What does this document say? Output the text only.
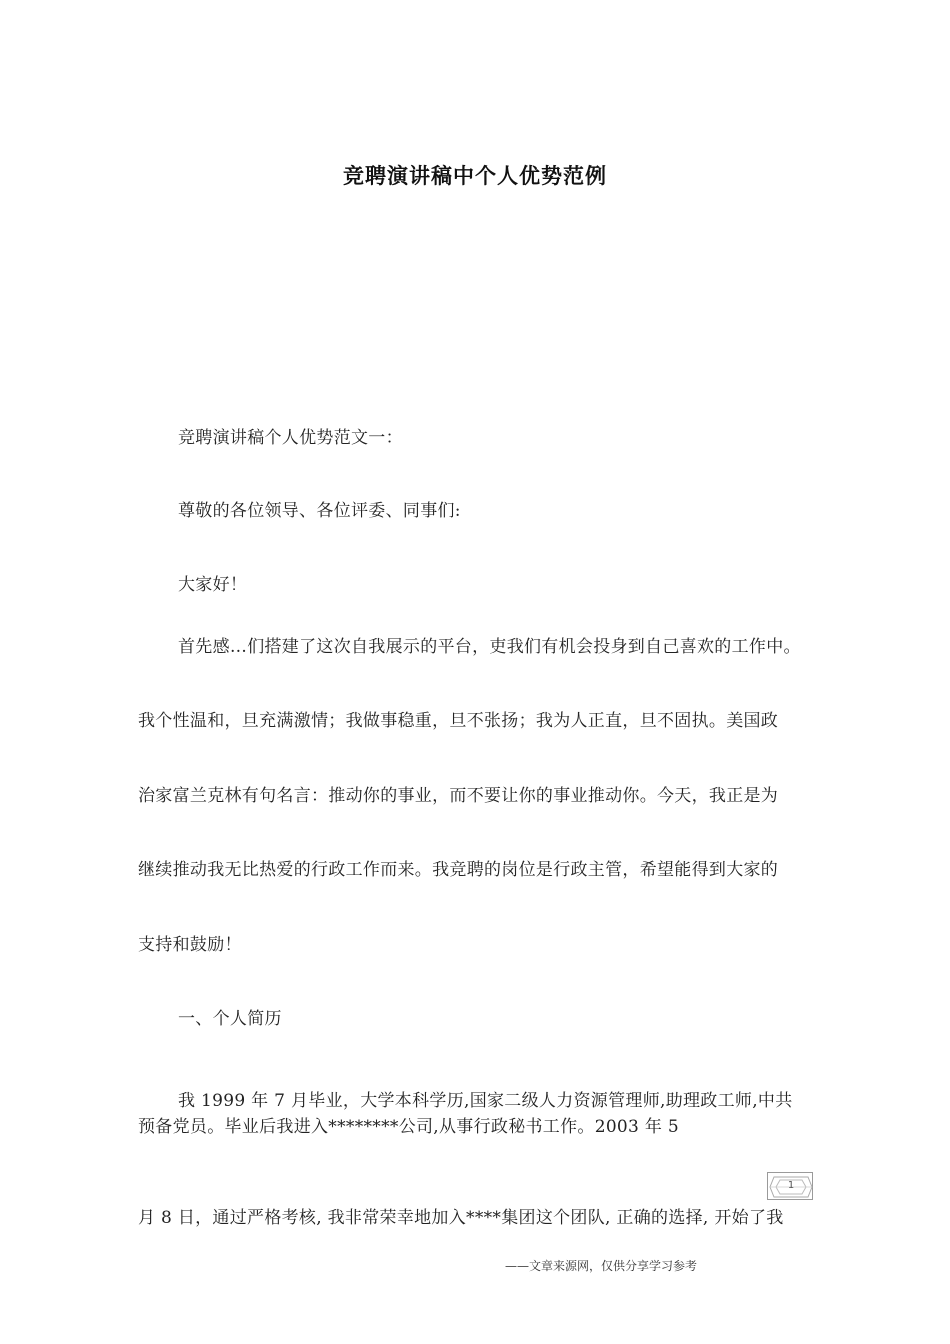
竞聘演讲稿中个人优势范例
竞聘演讲稿个人优势范文一：
尊敬的各位领导、各位评委、同事们:
大家好！
首先感…们搭建了这次自我展示的平台，吏我们有机会投身到自己喜欢的工作中。
我个性温和，旦充满激情；我做事稳重，旦不张扬；我为人正直，旦不固执。美国政
治家富兰克林有句名言：推动你的事业，而不要让你的事业推动你。今天，我正是为
继续推动我无比热爱的行政工作而来。我竞聘的岗位是行政主管，希望能得到大家的
支持和鼓励！
一、个人简历
我 1999 年 7 月毕业，大学本科学历,国家二级人力资源管理师,助理政工师,中共
预备党员。毕业后我进入********公司,从事行政秘书工作。2003 年 5
月 8 日，通过严格考核, 我非常荣幸地加入****集团这个团队, 正确的选择, 开始了我
1
——文章来源网，仅供分享学习参考
